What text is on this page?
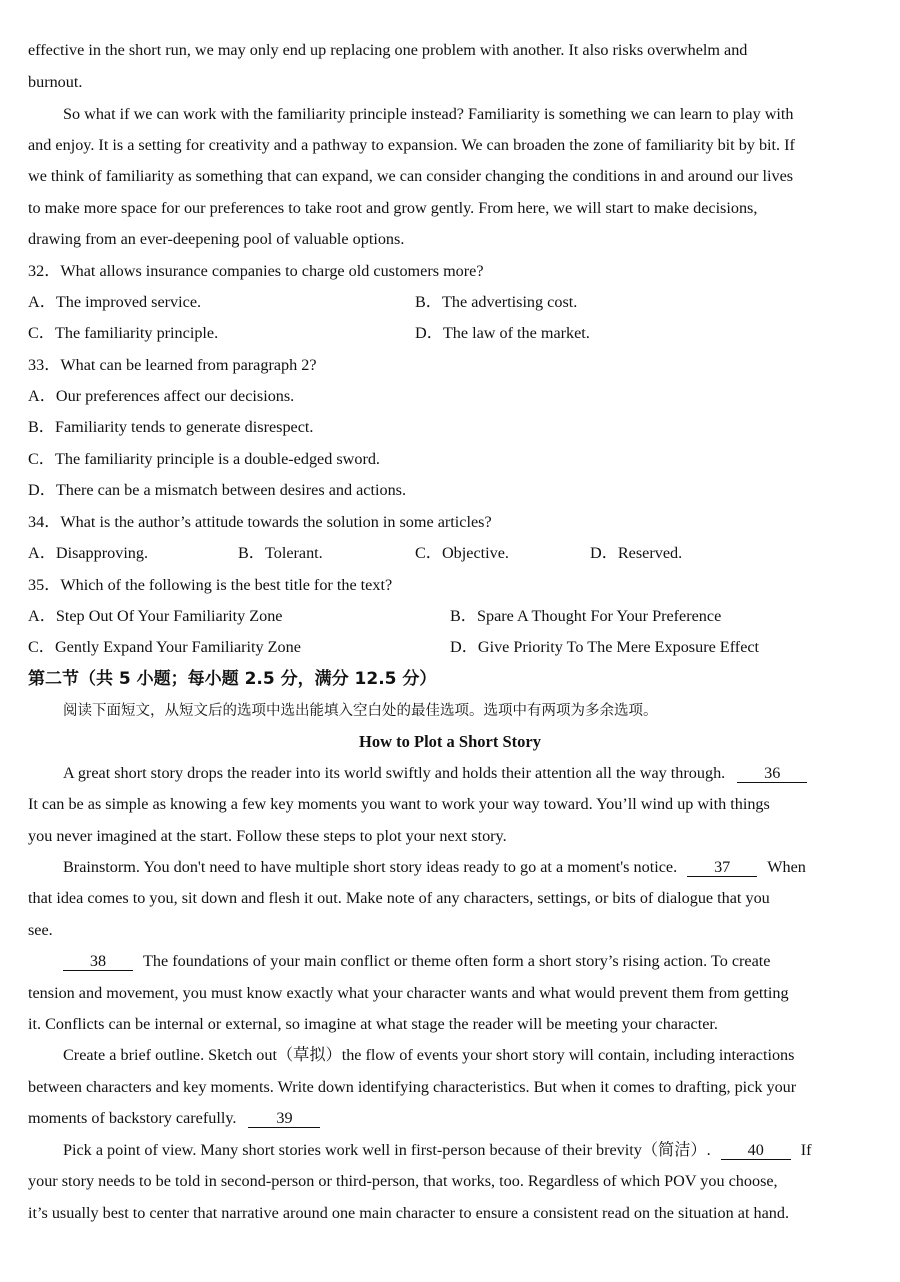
effective in the short run, we may only end up replacing one problem with another. It also risks overwhelm and
burnout.
So what if we can work with the familiarity principle instead? Familiarity is something we can learn to play with
and enjoy. It is a setting for creativity and a pathway to expansion. We can broaden the zone of familiarity bit by bit. If
we think of familiarity as something that can expand, we can consider changing the conditions in and around our lives
to make more space for our preferences to take root and grow gently. From here, we will start to make decisions,
drawing from an ever-deepening pool of valuable options.
32．What allows insurance companies to charge old customers more?
A．The improved service.	B．The advertising cost.
C．The familiarity principle.	D．The law of the market.
33．What can be learned from paragraph 2?
A．Our preferences affect our decisions.
B．Familiarity tends to generate disrespect.
C．The familiarity principle is a double-edged sword.
D．There can be a mismatch between desires and actions.
34．What is the author’s attitude towards the solution in some articles?
A．Disapproving.	B．Tolerant.	C．Objective.	D．Reserved.
35．Which of the following is the best title for the text?
A．Step Out Of Your Familiarity Zone	B．Spare A Thought For Your Preference
C．Gently Expand Your Familiarity Zone	D．Give Priority To The Mere Exposure Effect
第二节（共 5 小题；每小题 2.5 分，满分 12.5 分）
阅读下面短文，从短文后的选项中选出能填入空白处的最佳选项。选项中有两项为多余选项。
How to Plot a Short Story
A great short story drops the reader into its world swiftly and holds their attention all the way through. 36
It can be as simple as knowing a few key moments you want to work your way toward. You’ll wind up with things
you never imagined at the start. Follow these steps to plot your next story.
Brainstorm. You don't need to have multiple short story ideas ready to go at a moment's notice. 37 When
that idea comes to you, sit down and flesh it out. Make note of any characters, settings, or bits of dialogue that you
see.
38 The foundations of your main conflict or theme often form a short story’s rising action. To create
tension and movement, you must know exactly what your character wants and what would prevent them from getting
it. Conflicts can be internal or external, so imagine at what stage the reader will be meeting your character.
Create a brief outline. Sketch out（草拟）the flow of events your short story will contain, including interactions
between characters and key moments. Write down identifying characteristics. But when it comes to drafting, pick your
moments of backstory carefully. 39
Pick a point of view. Many short stories work well in first-person because of their brevity（简洁）. 40 If
your story needs to be told in second-person or third-person, that works, too. Regardless of which POV you choose,
it’s usually best to center that narrative around one main character to ensure a consistent read on the situation at hand.
